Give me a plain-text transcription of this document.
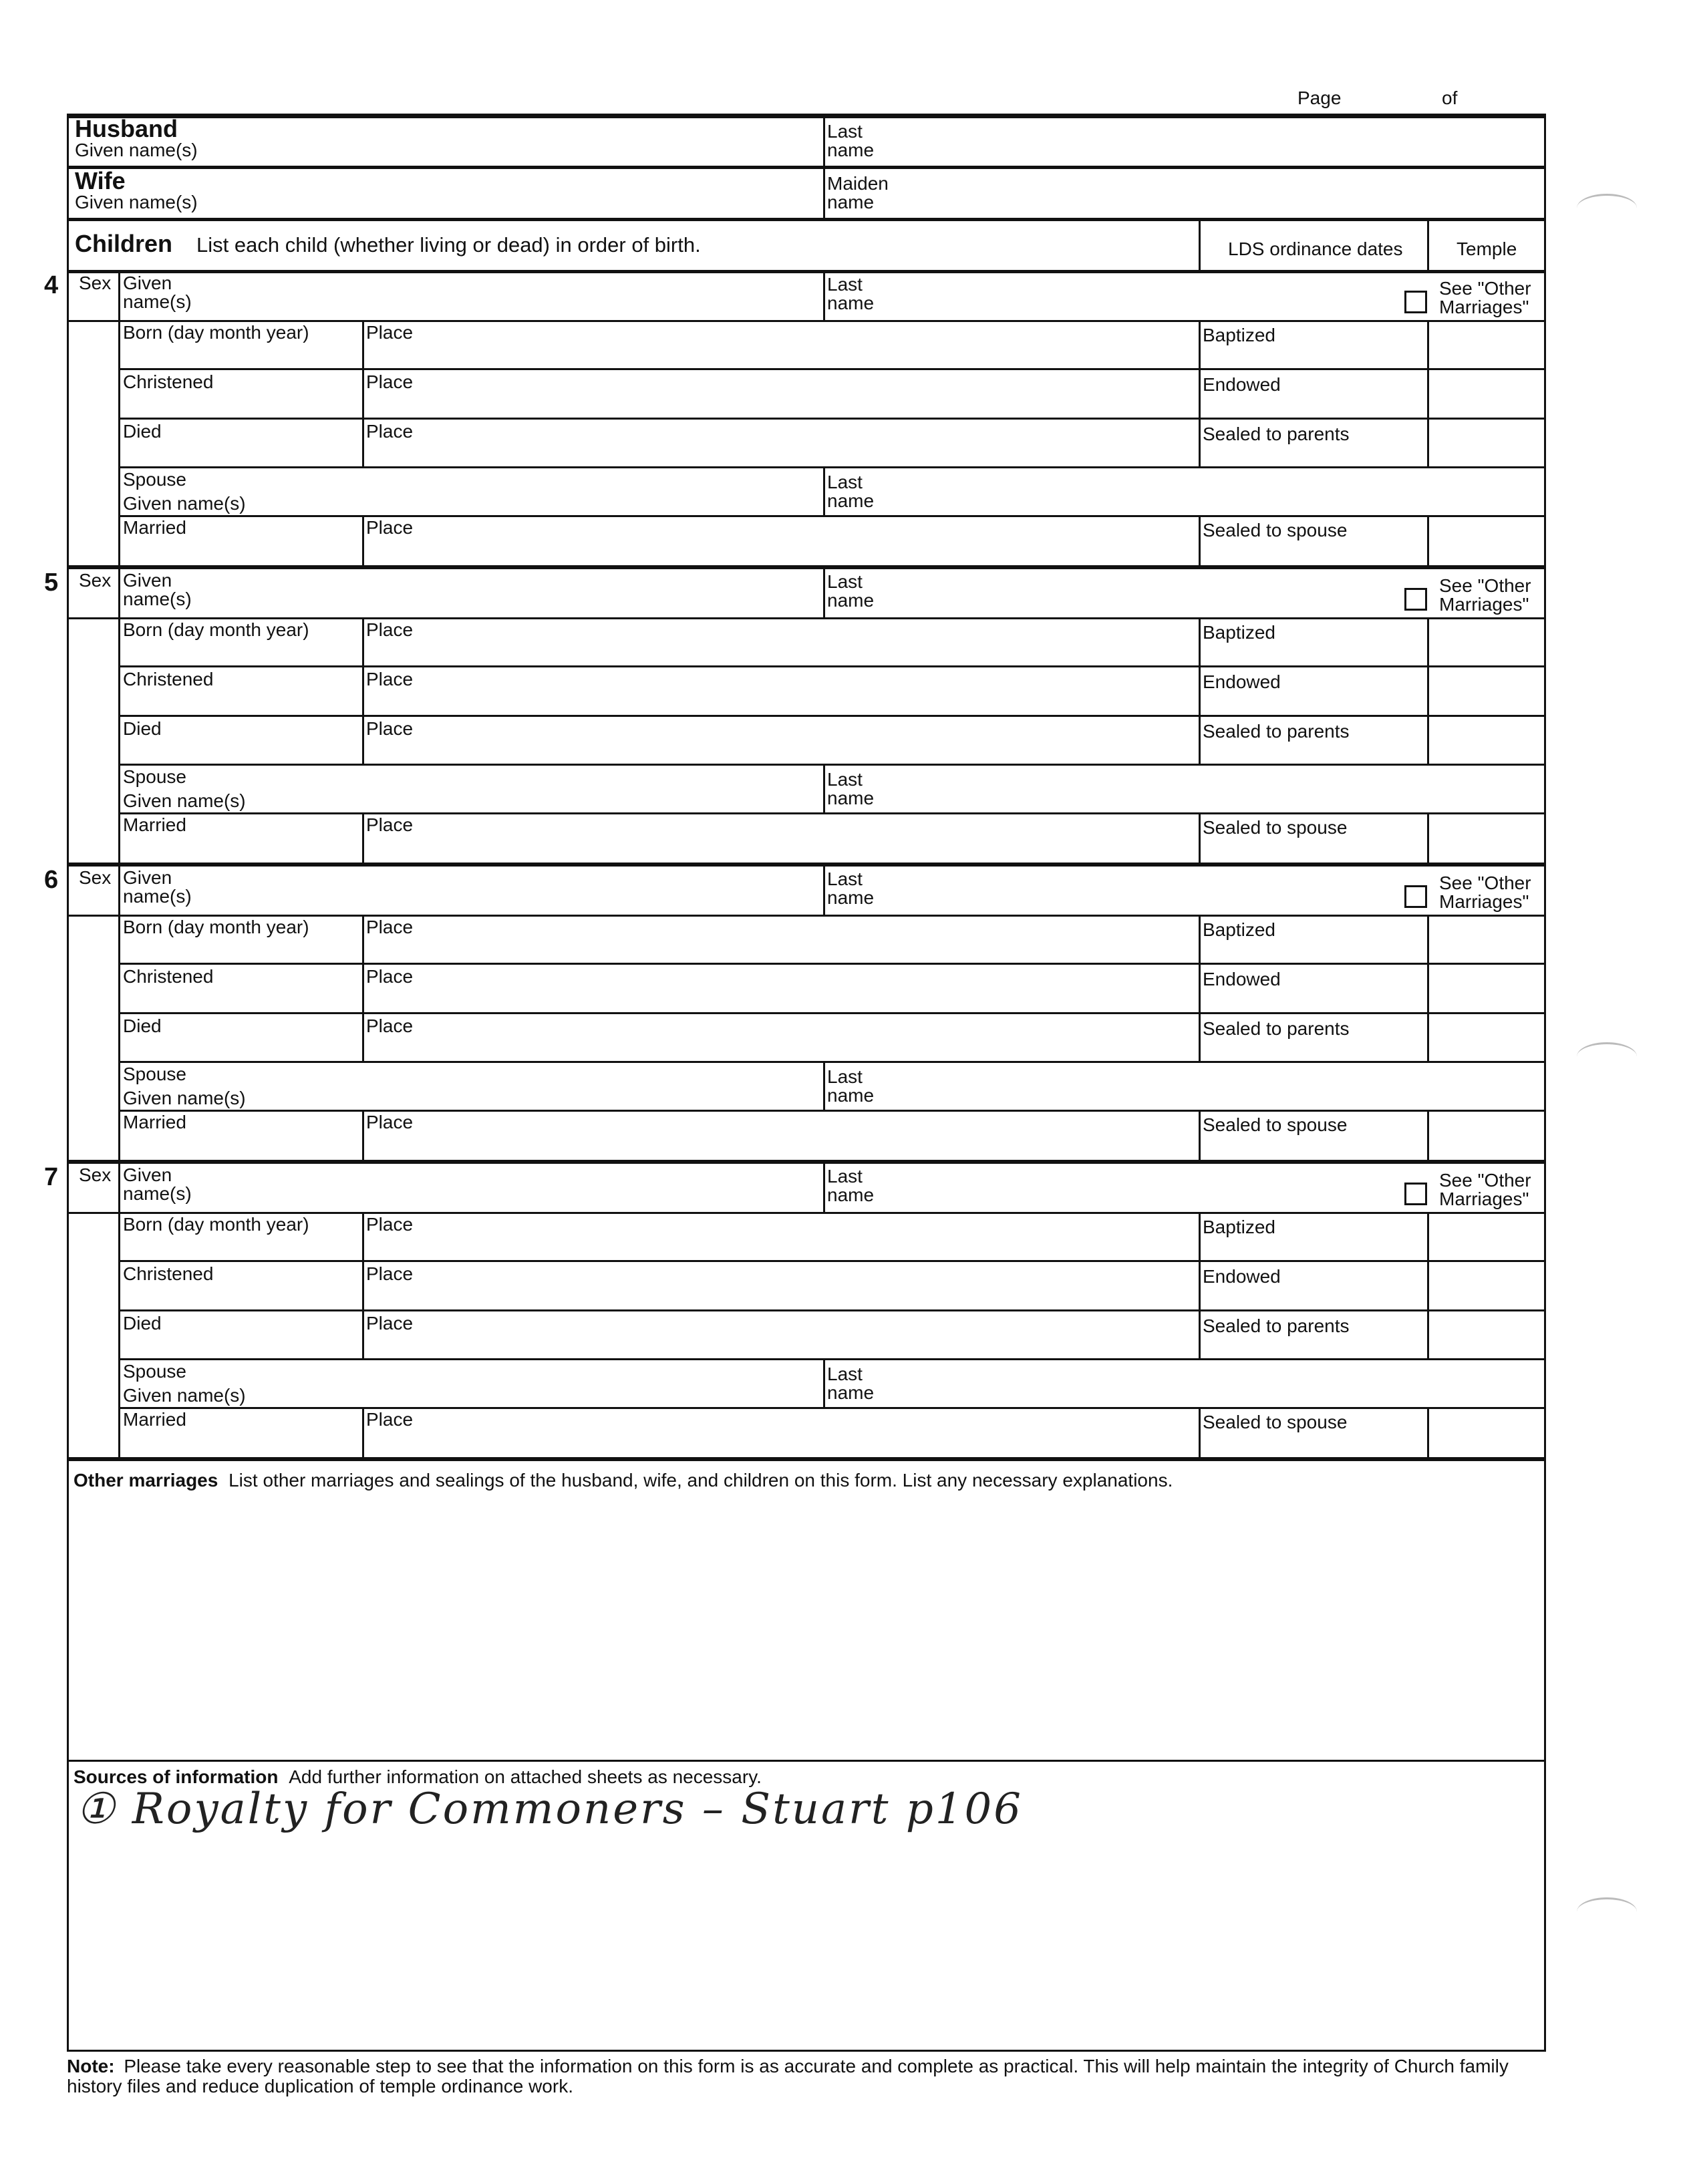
Page	of
Husband
Given name(s)
Last
name
Wife
Given name(s)
Maiden
name
Children List each child (whether living or dead) in order of birth.	LDS ordinance dates	Temple
4 Sex Given
name(s)
Last
name
See "Other
Marriages"
Born (day month year)	Place	Baptized
Christened	Place	Endowed
Died	Place	Sealed to parents
Spouse
Given name(s)
Last
name
Married	Place	Sealed to spouse
5 Sex Given
name(s)
Last
name
See "Other
Marriages"
Born (day month year)	Place	Baptized
Christened	Place	Endowed
Died	Place	Sealed to parents
Spouse
Given name(s)
Last
name
Married	Place	Sealed to spouse
6 Sex Given
name(s)
Last
name
See "Other
Marriages"
Born (day month year)	Place	Baptized
Christened	Place	Endowed
Died	Place	Sealed to parents
Spouse
Given name(s)
Last
name
Married	Place	Sealed to spouse
7 Sex Given
name(s)
Last
name
See "Other
Marriages"
Born (day month year)	Place	Baptized
Christened	Place	Endowed
Died	Place	Sealed to parents
Spouse
Given name(s)
Last
name
Married	Place	Sealed to spouse
Other marriages List other marriages and sealings of the husband, wife, and children on this form. List any necessary explanations.
Sources of information Add further information on attached sheets as necessary.
① Royalty for Commoners – Stuart p106
Note: Please take every reasonable step to see that the information on this form is as accurate and complete as practical. This will help maintain the integrity of Church family
history files and reduce duplication of temple ordinance work.
